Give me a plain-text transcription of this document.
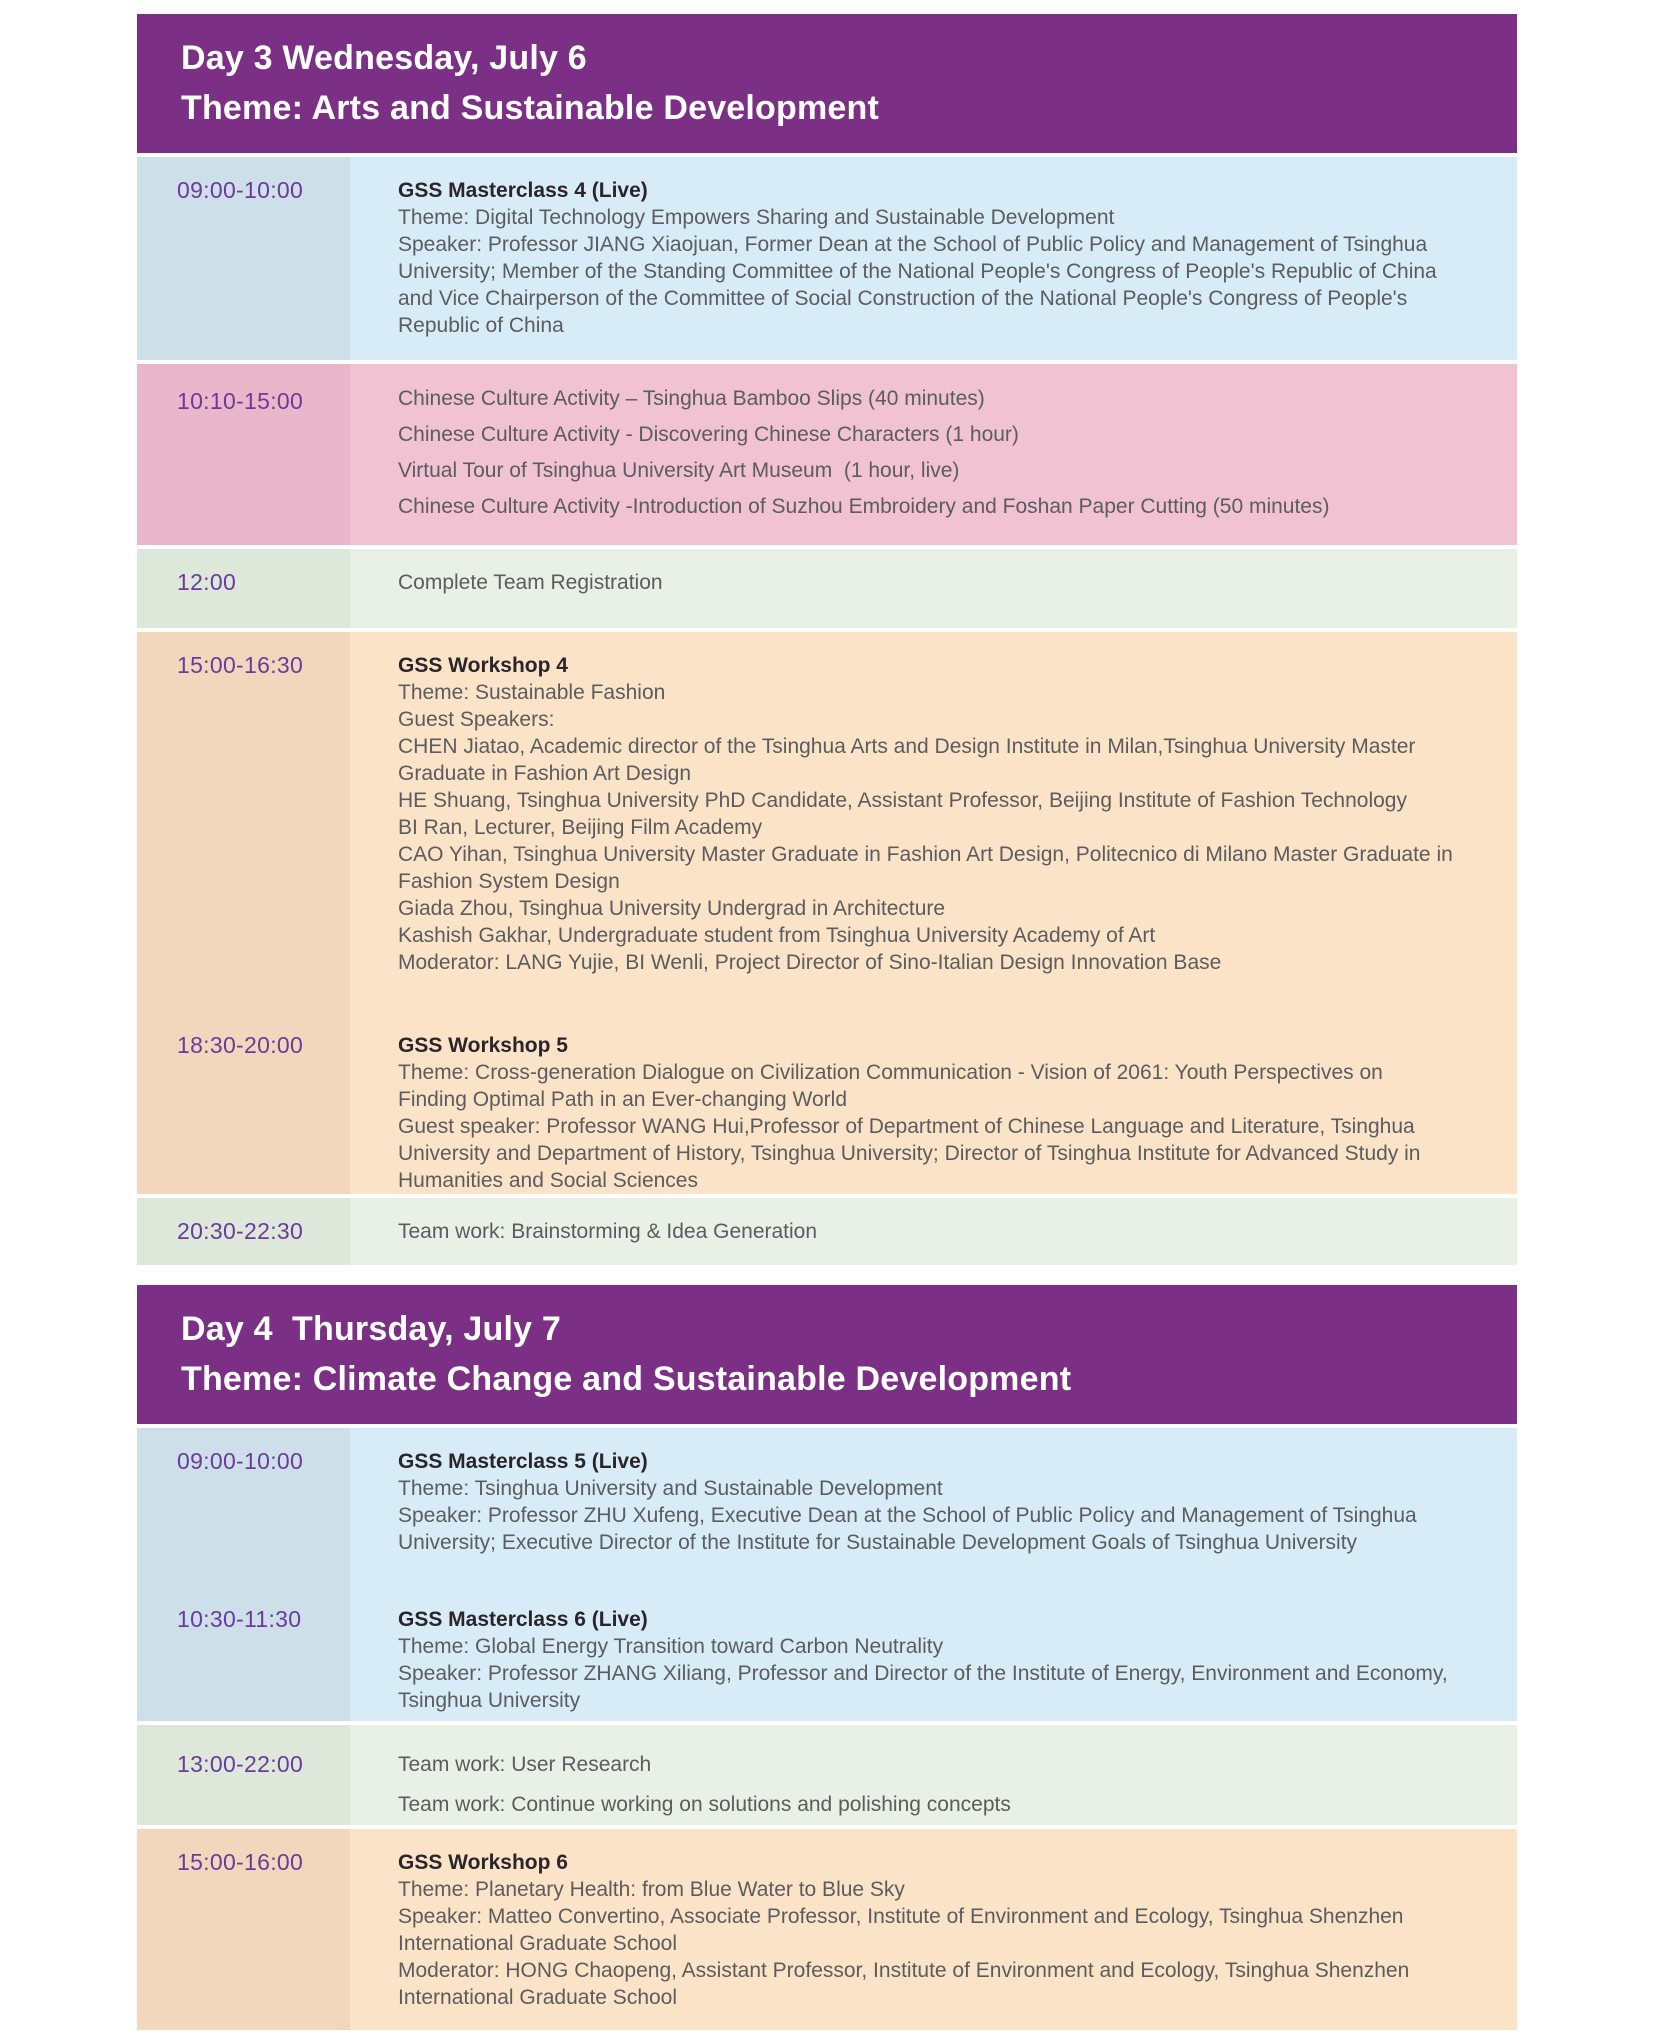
Day 3 Wednesday, July 6
Theme: Arts and Sustainable Development
09:00-10:00	GSS Masterclass 4 (Live)
Theme: Digital Technology Empowers Sharing and Sustainable Development
Speaker: Professor JIANG Xiaojuan, Former Dean at the School of Public Policy and Management of Tsinghua University; Member of the Standing Committee of the National People's Congress of People's Republic of China and Vice Chairperson of the Committee of Social Construction of the National People's Congress of People's Republic of China
10:10-15:00	Chinese Culture Activity – Tsinghua Bamboo Slips (40 minutes)
Chinese Culture Activity - Discovering Chinese Characters (1 hour)
Virtual Tour of Tsinghua University Art Museum  (1 hour, live)
Chinese Culture Activity -Introduction of Suzhou Embroidery and Foshan Paper Cutting (50 minutes)
12:00	Complete Team Registration
15:00-16:30	GSS Workshop 4
Theme: Sustainable Fashion
Guest Speakers:
CHEN Jiatao, Academic director of the Tsinghua Arts and Design Institute in Milan,Tsinghua University Master Graduate in Fashion Art Design
HE Shuang, Tsinghua University PhD Candidate, Assistant Professor, Beijing Institute of Fashion Technology
BI Ran, Lecturer, Beijing Film Academy
CAO Yihan, Tsinghua University Master Graduate in Fashion Art Design, Politecnico di Milano Master Graduate in Fashion System Design
Giada Zhou, Tsinghua University Undergrad in Architecture
Kashish Gakhar, Undergraduate student from Tsinghua University Academy of Art
Moderator: LANG Yujie, BI Wenli, Project Director of Sino-Italian Design Innovation Base
18:30-20:00	GSS Workshop 5
Theme: Cross-generation Dialogue on Civilization Communication - Vision of 2061: Youth Perspectives on Finding Optimal Path in an Ever-changing World
Guest speaker: Professor WANG Hui,Professor of Department of Chinese Language and Literature, Tsinghua University and Department of History, Tsinghua University; Director of Tsinghua Institute for Advanced Study in Humanities and Social Sciences
20:30-22:30	Team work: Brainstorming & Idea Generation
Day 4  Thursday, July 7
Theme: Climate Change and Sustainable Development
09:00-10:00	GSS Masterclass 5 (Live)
Theme: Tsinghua University and Sustainable Development
Speaker: Professor ZHU Xufeng, Executive Dean at the School of Public Policy and Management of Tsinghua University; Executive Director of the Institute for Sustainable Development Goals of Tsinghua University
10:30-11:30	GSS Masterclass 6 (Live)
Theme: Global Energy Transition toward Carbon Neutrality
Speaker: Professor ZHANG Xiliang, Professor and Director of the Institute of Energy, Environment and Economy, Tsinghua University
13:00-22:00	Team work: User Research
Team work: Continue working on solutions and polishing concepts
15:00-16:00	GSS Workshop 6
Theme: Planetary Health: from Blue Water to Blue Sky
Speaker: Matteo Convertino, Associate Professor, Institute of Environment and Ecology, Tsinghua Shenzhen International Graduate School
Moderator: HONG Chaopeng, Assistant Professor, Institute of Environment and Ecology, Tsinghua Shenzhen International Graduate School
